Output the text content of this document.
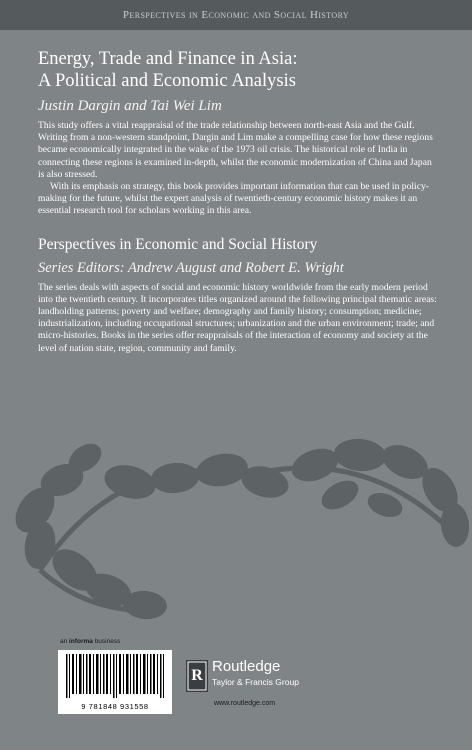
Perspectives in Economic and Social History
Energy, Trade and Finance in Asia:
A Political and Economic Analysis
Justin Dargin and Tai Wei Lim

This study offers a vital reappraisal of the trade relationship between north-east Asia and the Gulf. Writing from a non-western standpoint, Dargin and Lim make a compelling case for how these regions became economically integrated in the wake of the 1973 oil crisis. The historical role of India in connecting these regions is examined in-depth, whilst the economic modernization of China and Japan is also stressed.

With its emphasis on strategy, this book provides important information that can be used in policy-making for the future, whilst the expert analysis of twentieth-century economic history makes it an essential research tool for scholars working in this area.

Perspectives in Economic and Social History
Series Editors: Andrew August and Robert E. Wright

The series deals with aspects of social and economic history worldwide from the early modern period into the twentieth century. It incorporates titles organized around the following principal thematic areas: landholding patterns; poverty and welfare; demography and family history; consumption; medicine; industrialization, including occupational structures; urbanization and the urban environment; trade; and micro-histories. Books in the series offer reappraisals of the interaction of economy and society at the level of nation state, region, community and family.

an informa business
9 781848 931558
R
Routledge
Taylor & Francis Group
www.routledge.com
